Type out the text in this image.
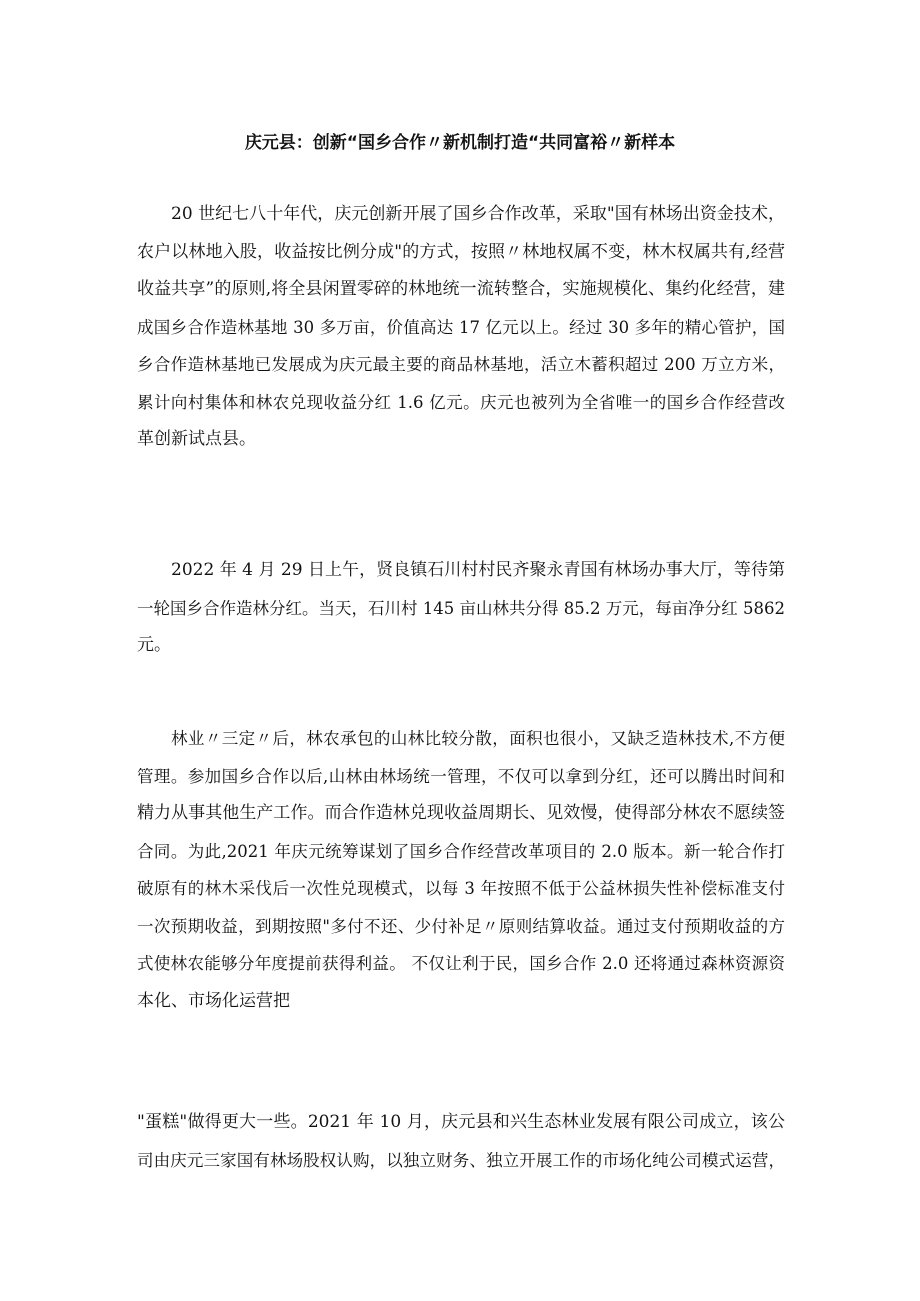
庆元县：创新“国乡合作〃新机制打造“共同富裕〃新样本
20 世纪七八十年代，庆元创新开展了国乡合作改革，采取"国有林场出资金技术，
农户以林地入股，收益按比例分成"的方式，按照〃林地权属不变，林木权属共有,经营
收益共享”的原则,将全县闲置零碎的林地统一流转整合，实施规模化、集约化经营，建
成国乡合作造林基地 30 多万亩，价值高达 17 亿元以上。经过 30 多年的精心管护，国
乡合作造林基地已发展成为庆元最主要的商品林基地，活立木蓄积超过 200 万立方米，
累计向村集体和林农兑现收益分红 1.6 亿元。庆元也被列为全省唯一的国乡合作经营改
革创新试点县。
2022 年 4 月 29 日上午，贤良镇石川村村民齐聚永青国有林场办事大厅，等待第
一轮国乡合作造林分红。当天，石川村 145 亩山林共分得 85.2 万元，每亩净分红 5862
元。
林业〃三定〃后，林农承包的山林比较分散，面积也很小，又缺乏造林技术,不方便
管理。参加国乡合作以后,山林由林场统一管理，不仅可以拿到分红，还可以腾出时间和
精力从事其他生产工作。而合作造林兑现收益周期长、见效慢，使得部分林农不愿续签
合同。为此,2021 年庆元统筹谋划了国乡合作经营改革项目的 2.0 版本。新一轮合作打
破原有的林木采伐后一次性兑现模式，以每 3 年按照不低于公益林损失性补偿标准支付
一次预期收益，到期按照"多付不还、少付补足〃原则结算收益。通过支付预期收益的方
式使林农能够分年度提前获得利益。 不仅让利于民，国乡合作 2.0 还将通过森林资源资
本化、市场化运营把
"蛋糕"做得更大一些。2021 年 10 月，庆元县和兴生态林业发展有限公司成立，该公
司由庆元三家国有林场股权认购，以独立财务、独立开展工作的市场化纯公司模式运营，
